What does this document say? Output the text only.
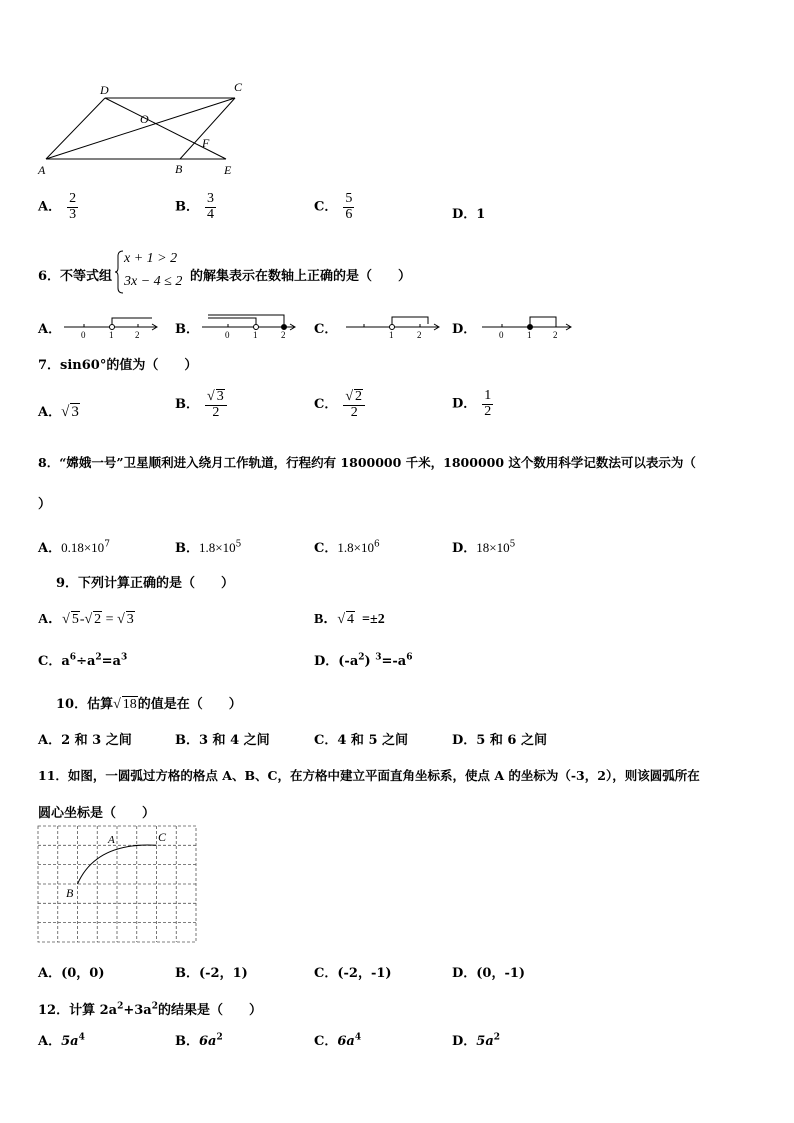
A	B
C
D
E
F
O
A． $\frac{2}{3}$	B． $\frac{3}{4}$	C． $\frac{5}{6}$	D．1
6．不等式组
x + 1 > 2
3x − 4 ≤ 2 的解集表示在数轴上正确的是（　　）
A． 0	1 2	B．	0	1	2 C．	1	2 D．	0	1 2
7．sin60°的值为（　　）
A．√ 3	B． $\frac{√ 3}{2}$	C． $\frac{√ 2}{2}$	D． $\frac{1}{2}$
8．“嫦娥一号”卫星顺利进入绕月工作轨道，行程约有 1800000 千米，1800000 这个数用科学记数法可以表示为（
）
A．$0.18\times 10^7$	B．$1.8\times 10^5$	C．$1.8\times 10^6$	D．$18\times 10^5$
9．下列计算正确的是（　　）
A．√ 5-√ 2 = √ 3	B．√ 4 =±2
C．$a^6\div a^2=a^3$	D．$(-a^2)$ $^3=-a^6$
10．估算√ 18的值是在（　　）
A．2 和 3 之间	B．3 和 4 之间	C．4 和 5 之间	D．5 和 6 之间
11．如图，一圆弧过方格的格点 A、B、C，在方格中建立平面直角坐标系，使点 A 的坐标为（-3，2），则该圆弧所在
圆心坐标是（　　）
A	C
B
A．(0，0)	B．(-2，1)	C．(-2，-1)	D．(0，-1)
12．计算 $2a^2+3a^2$的结果是（　　）
A．$5a^4$	B．$6a^2$	C．$6a^4$	D．$5a^2$
